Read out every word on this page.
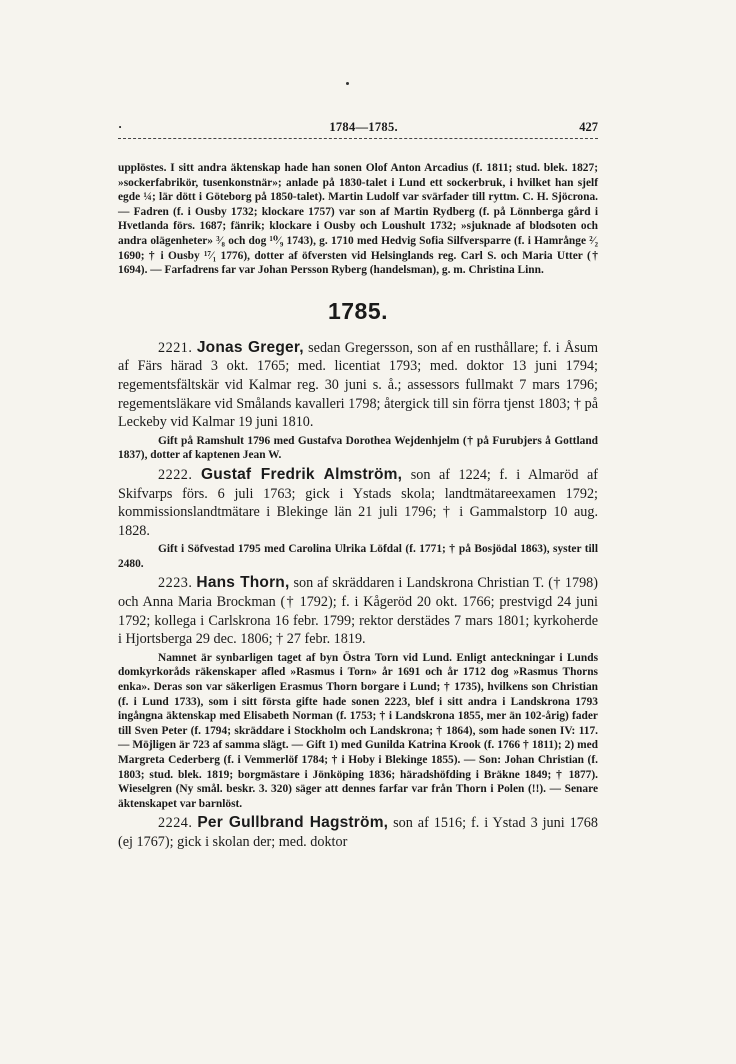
·	1784—1785.	427

upplöstes. I sitt andra äktenskap hade han sonen Olof Anton Arcadius (f. 1811; stud. blek. 1827; »sockerfabrikör, tusenkonstnär»; anlade på 1830-talet i Lund ett sockerbruk, i hvilket han sjelf egde ¼; lär dött i Göteborg på 1850-talet). Martin Ludolf var svärfader till ryttm. C. H. Sjöcrona. — Fadren (f. i Ousby 1732; klockare 1757) var son af Martin Rydberg (f. på Lönnberga gård i Hvetlanda förs. 1687; fänrik; klockare i Ousby och Loushult 1732; »sjuknade af blodsoten och andra olägenheter» ³⁄₈ och dog ¹⁰⁄₉ 1743), g. 1710 med Hedvig Sofia Silfversparre (f. i Hamrånge ²⁄₂ 1690; † i Ousby ¹⁷⁄₁ 1776), dotter af öfversten vid Helsinglands reg. Carl S. och Maria Utter († 1694). — Farfadrens far var Johan Persson Ryberg (handelsman), g. m. Christina Linn.

1785.

2221. Jonas Greger, sedan Gregersson, son af en rusthållare; f. i Åsum af Färs härad 3 okt. 1765; med. licentiat 1793; med. doktor 13 juni 1794; regementsfältskär vid Kalmar reg. 30 juni s. å.; assessors fullmakt 7 mars 1796; regementsläkare vid Smålands kavalleri 1798; återgick till sin förra tjenst 1803; † på Leckeby vid Kalmar 19 juni 1810.

Gift på Ramshult 1796 med Gustafva Dorothea Wejdenhjelm († på Furubjers å Gottland 1837), dotter af kaptenen Jean W.

2222. Gustaf Fredrik Almström, son af 1224; f. i Almaröd af Skifvarps förs. 6 juli 1763; gick i Ystads skola; landtmätareexamen 1792; kommissionslandtmätare i Blekinge län 21 juli 1796; † i Gammalstorp 10 aug. 1828.

Gift i Söfvestad 1795 med Carolina Ulrika Löfdal (f. 1771; † på Bosjödal 1863), syster till 2480.

2223. Hans Thorn, son af skräddaren i Landskrona Christian T. († 1798) och Anna Maria Brockman († 1792); f. i Kågeröd 20 okt. 1766; prestvigd 24 juni 1792; kollega i Carlskrona 16 febr. 1799; rektor derstädes 7 mars 1801; kyrkoherde i Hjortsberga 29 dec. 1806; † 27 febr. 1819.

Namnet är synbarligen taget af byn Östra Torn vid Lund. Enligt anteckningar i Lunds domkyrkoråds räkenskaper afled »Rasmus i Torn» år 1691 och år 1712 dog »Rasmus Thorns enka». Deras son var säkerligen Erasmus Thorn borgare i Lund; † 1735), hvilkens son Christian (f. i Lund 1733), som i sitt första gifte hade sonen 2223, blef i sitt andra i Landskrona 1793 ingångna äktenskap med Elisabeth Norman (f. 1753; † i Landskrona 1855, mer än 102-årig) fader till Sven Peter (f. 1794; skräddare i Stockholm och Landskrona; † 1864), som hade sonen IV: 117. — Möjligen är 723 af samma slägt. — Gift 1) med Gunilda Katrina Krook (f. 1766 † 1811); 2) med Margreta Cederberg (f. i Vemmerlöf 1784; † i Hoby i Blekinge 1855). — Son: Johan Christian (f. 1803; stud. blek. 1819; borgmästare i Jönköping 1836; häradshöfding i Bräkne 1849; † 1877). Wieselgren (Ny smål. beskr. 3. 320) säger att dennes farfar var från Thorn i Polen (!!). — Senare äktenskapet var barnlöst.

2224. Per Gullbrand Hagström, son af 1516; f. i Ystad 3 juni 1768 (ej 1767); gick i skolan der; med. doktor
